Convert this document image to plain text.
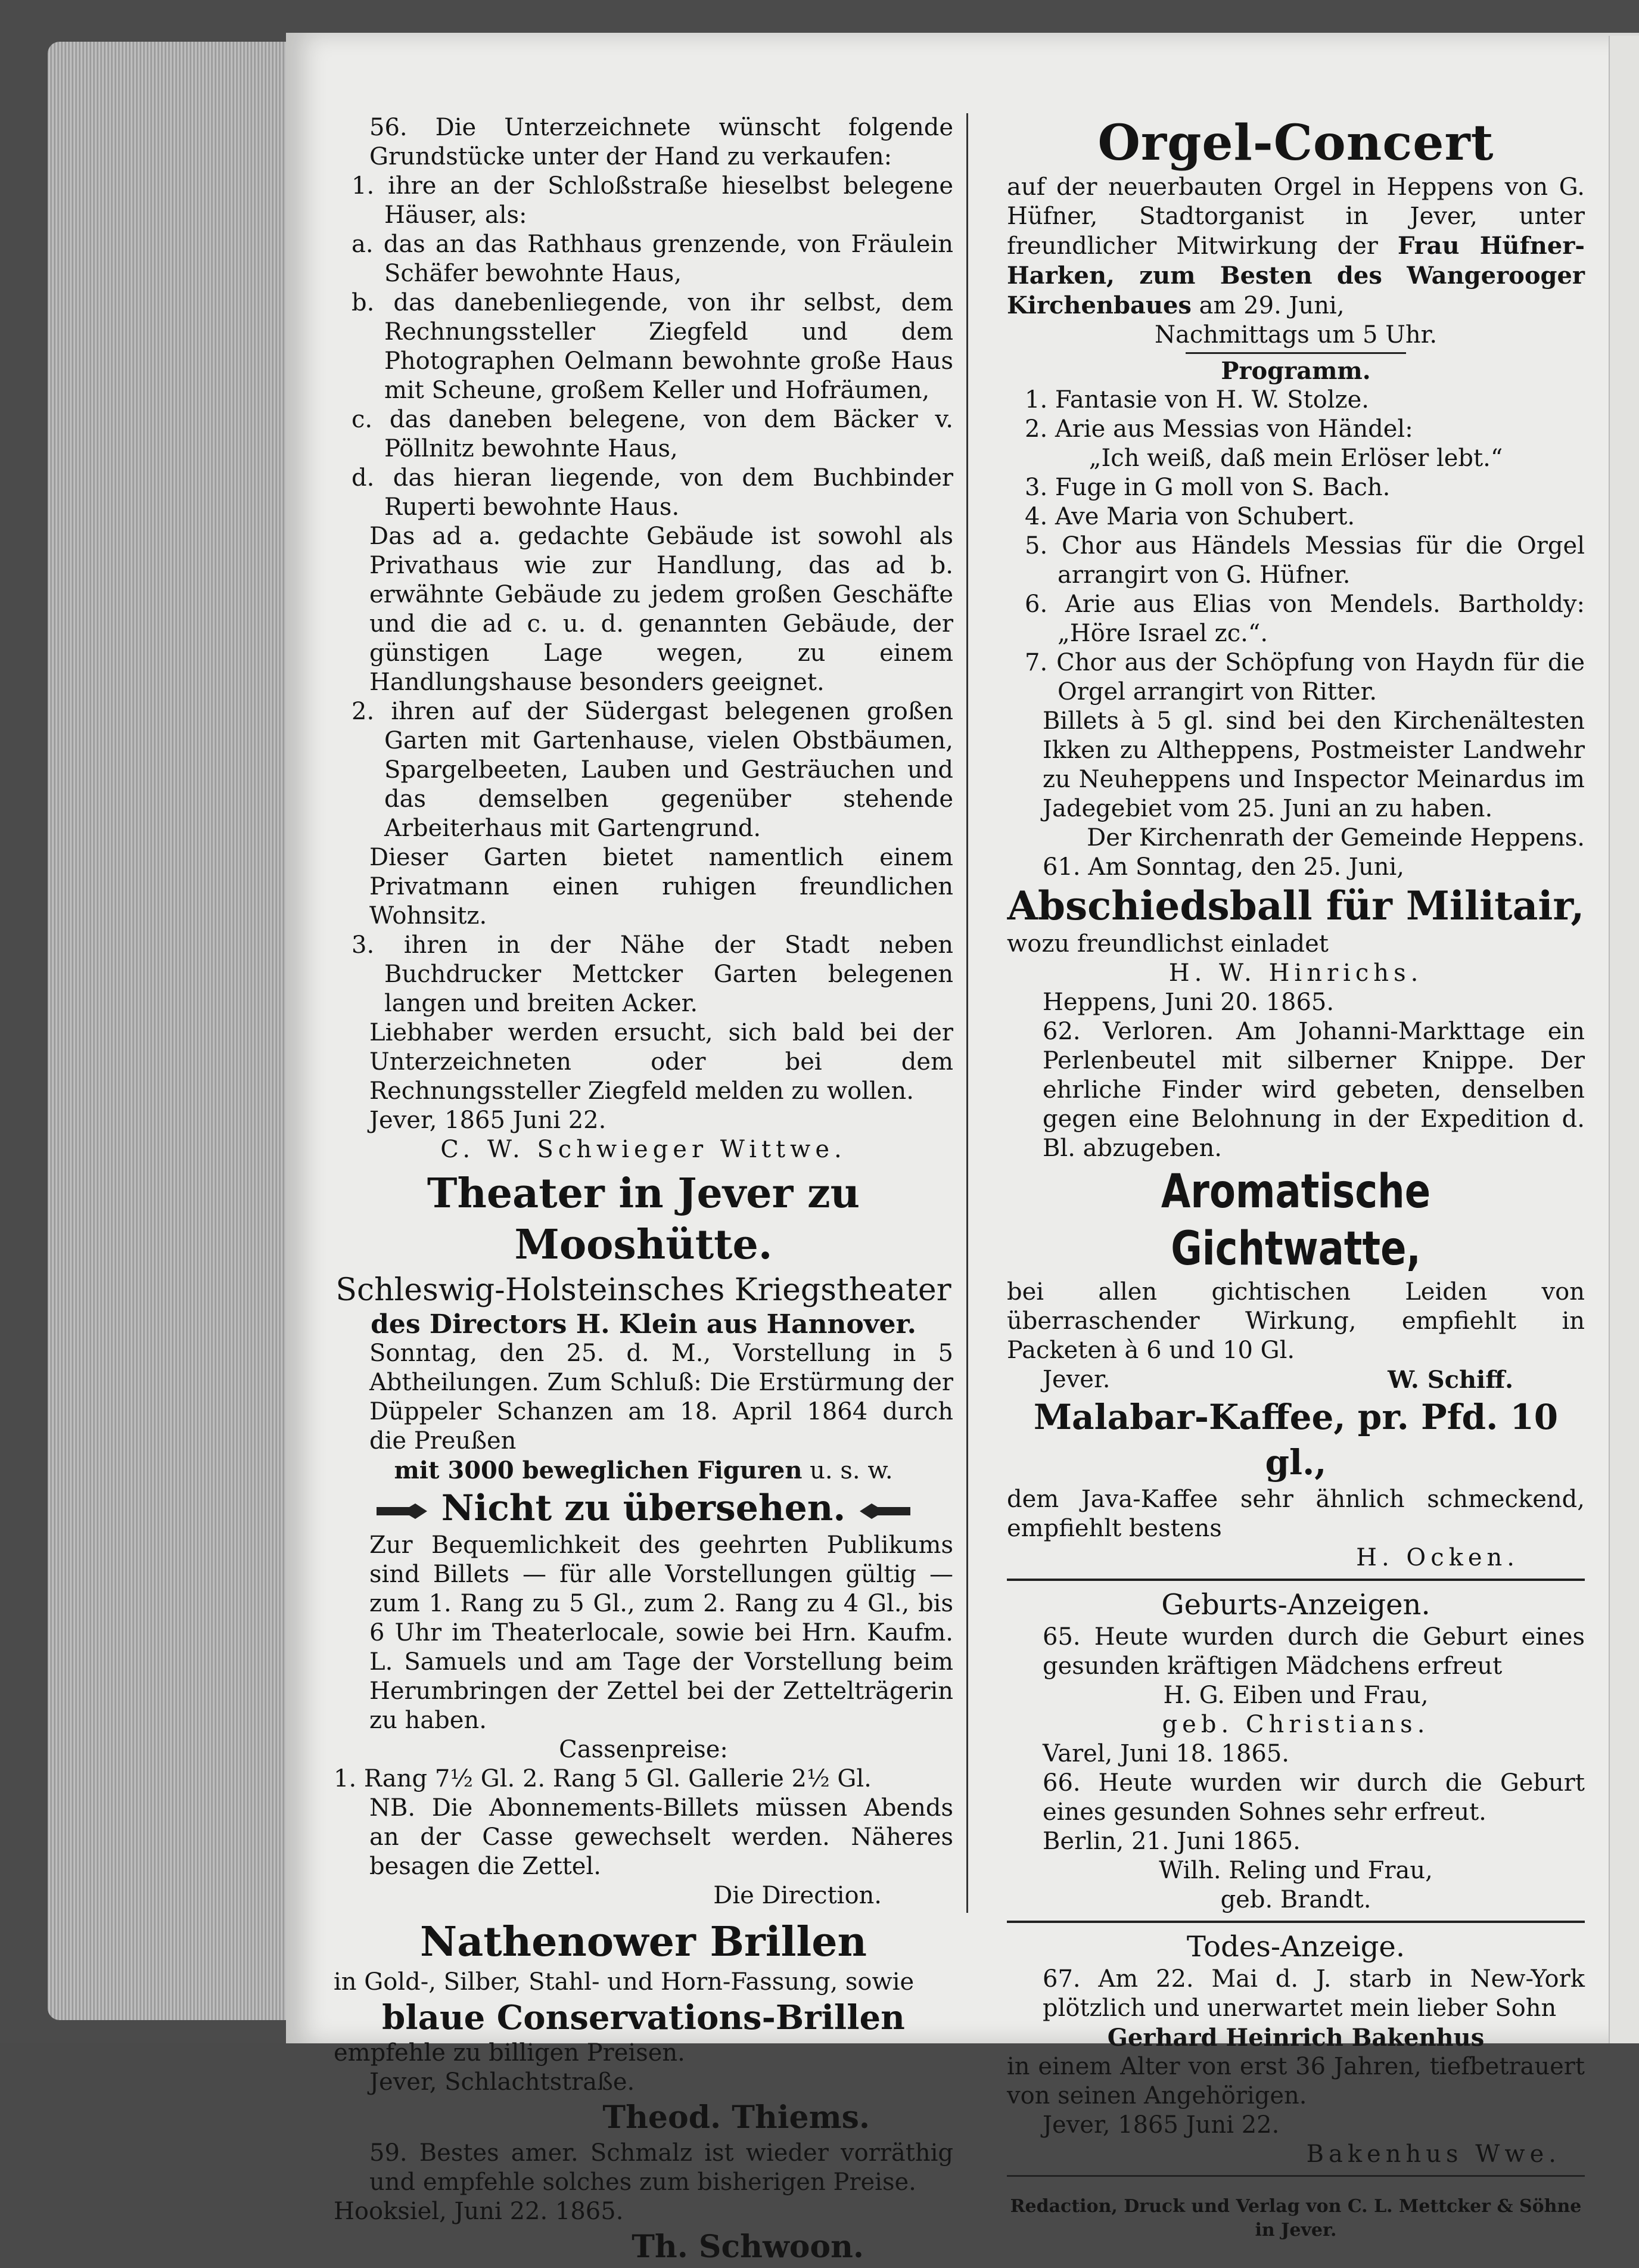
56. Die Unterzeichnete wünscht folgende Grundstücke unter der Hand zu verkaufen:

1. ihre an der Schloßstraße hieselbst belegene Häuser, als:

a. das an das Rathhaus grenzende, von Fräulein Schäfer bewohnte Haus,

b. das danebenliegende, von ihr selbst, dem Rechnungssteller Ziegfeld und dem Photographen Oelmann bewohnte große Haus mit Scheune, großem Keller und Hofräumen,

c. das daneben belegene, von dem Bäcker v. Pöllnitz bewohnte Haus,

d. das hieran liegende, von dem Buchbinder Ruperti bewohnte Haus.

Das ad a. gedachte Gebäude ist sowohl als Privathaus wie zur Handlung, das ad b. erwähnte Gebäude zu jedem großen Geschäfte und die ad c. u. d. genannten Gebäude, der günstigen Lage wegen, zu einem Handlungshause besonders geeignet.

2. ihren auf der Südergast belegenen großen Garten mit Gartenhause, vielen Obstbäumen, Spargelbeeten, Lauben und Gesträuchen und das demselben gegenüber stehende Arbeiterhaus mit Gartengrund.

Dieser Garten bietet namentlich einem Privatmann einen ruhigen freundlichen Wohnsitz.

3. ihren in der Nähe der Stadt neben Buchdrucker Mettcker Garten belegenen langen und breiten Acker.

Liebhaber werden ersucht, sich bald bei der Unterzeichneten oder bei dem Rechnungssteller Ziegfeld melden zu wollen.

Jever, 1865 Juni 22.

C. W. Schwieger Wittwe.

Theater in Jever zu Mooshütte.
Schleswig-Holsteinsches Kriegstheater
des Directors H. Klein aus Hannover.

Sonntag, den 25. d. M., Vorstellung in 5 Abtheilungen. Zum Schluß: Die Erstürmung der Düppeler Schanzen am 18. April 1864 durch die Preußen

mit 3000 beweglichen Figuren u. s. w.

Nicht zu übersehen.

Zur Bequemlichkeit des geehrten Publikums sind Billets — für alle Vorstellungen gültig — zum 1. Rang zu 5 Gl., zum 2. Rang zu 4 Gl., bis 6 Uhr im Theaterlocale, sowie bei Hrn. Kaufm. L. Samuels und am Tage der Vorstellung beim Herumbringen der Zettel bei der Zettelträgerin zu haben.

Cassenpreise:

1. Rang 7½ Gl. 2. Rang 5 Gl. Gallerie 2½ Gl.

NB. Die Abonnements-Billets müssen Abends an der Casse gewechselt werden. Näheres besagen die Zettel.

Die Direction.

Nathenower Brillen

in Gold-, Silber, Stahl- und Horn-Fassung, sowie

blaue Conservations-Brillen

empfehle zu billigen Preisen.

Jever, Schlachtstraße.

Theod. Thiems.

59. Bestes amer. Schmalz ist wieder vorräthig und empfehle solches zum bisherigen Preise.

Hooksiel, Juni 22. 1865.

Th. Schwoon.
Orgel-Concert

auf der neuerbauten Orgel in Heppens von G. Hüfner, Stadtorganist in Jever, unter freundlicher Mitwirkung der Frau Hüfner-Harken, zum Besten des Wangerooger Kirchenbaues am 29. Juni,

Nachmittags um 5 Uhr.

Programm.

1. Fantasie von H. W. Stolze.

2. Arie aus Messias von Händel:

„Ich weiß, daß mein Erlöser lebt.“

3. Fuge in G moll von S. Bach.

4. Ave Maria von Schubert.

5. Chor aus Händels Messias für die Orgel arrangirt von G. Hüfner.

6. Arie aus Elias von Mendels. Bartholdy: „Höre Israel zc.“.

7. Chor aus der Schöpfung von Haydn für die Orgel arrangirt von Ritter.

Billets à 5 gl. sind bei den Kirchenältesten Ikken zu Altheppens, Postmeister Landwehr zu Neuheppens und Inspector Meinardus im Jadegebiet vom 25. Juni an zu haben.

Der Kirchenrath der Gemeinde Heppens.

61. Am Sonntag, den 25. Juni,

Abschiedsball für Militair,

wozu freundlichst einladet

H. W. Hinrichs.

Heppens, Juni 20. 1865.

62. Verloren. Am Johanni-Markttage ein Perlenbeutel mit silberner Knippe. Der ehrliche Finder wird gebeten, denselben gegen eine Belohnung in der Expedition d. Bl. abzugeben.

Aromatische Gichtwatte,

bei allen gichtischen Leiden von überraschender Wirkung, empfiehlt in Packeten à 6 und 10 Gl.

Jever.	W. Schiff.
Malabar-Kaffee, pr. Pfd. 10 gl.,

dem Java-Kaffee sehr ähnlich schmeckend, empfiehlt bestens

H. Ocken.

Geburts-Anzeigen.

65. Heute wurden durch die Geburt eines gesunden kräftigen Mädchens erfreut

H. G. Eiben und Frau,

geb. Christians.

Varel, Juni 18. 1865.

66. Heute wurden wir durch die Geburt eines gesunden Sohnes sehr erfreut.

Berlin, 21. Juni 1865.

Wilh. Reling und Frau,

geb. Brandt.

Todes-Anzeige.

67. Am 22. Mai d. J. starb in New-York plötzlich und unerwartet mein lieber Sohn

Gerhard Heinrich Bakenhus

in einem Alter von erst 36 Jahren, tiefbetrauert von seinen Angehörigen.

Jever, 1865 Juni 22.

Bakenhus Wwe.

Redaction, Druck und Verlag von C. L. Mettcker & Söhne in Jever.
